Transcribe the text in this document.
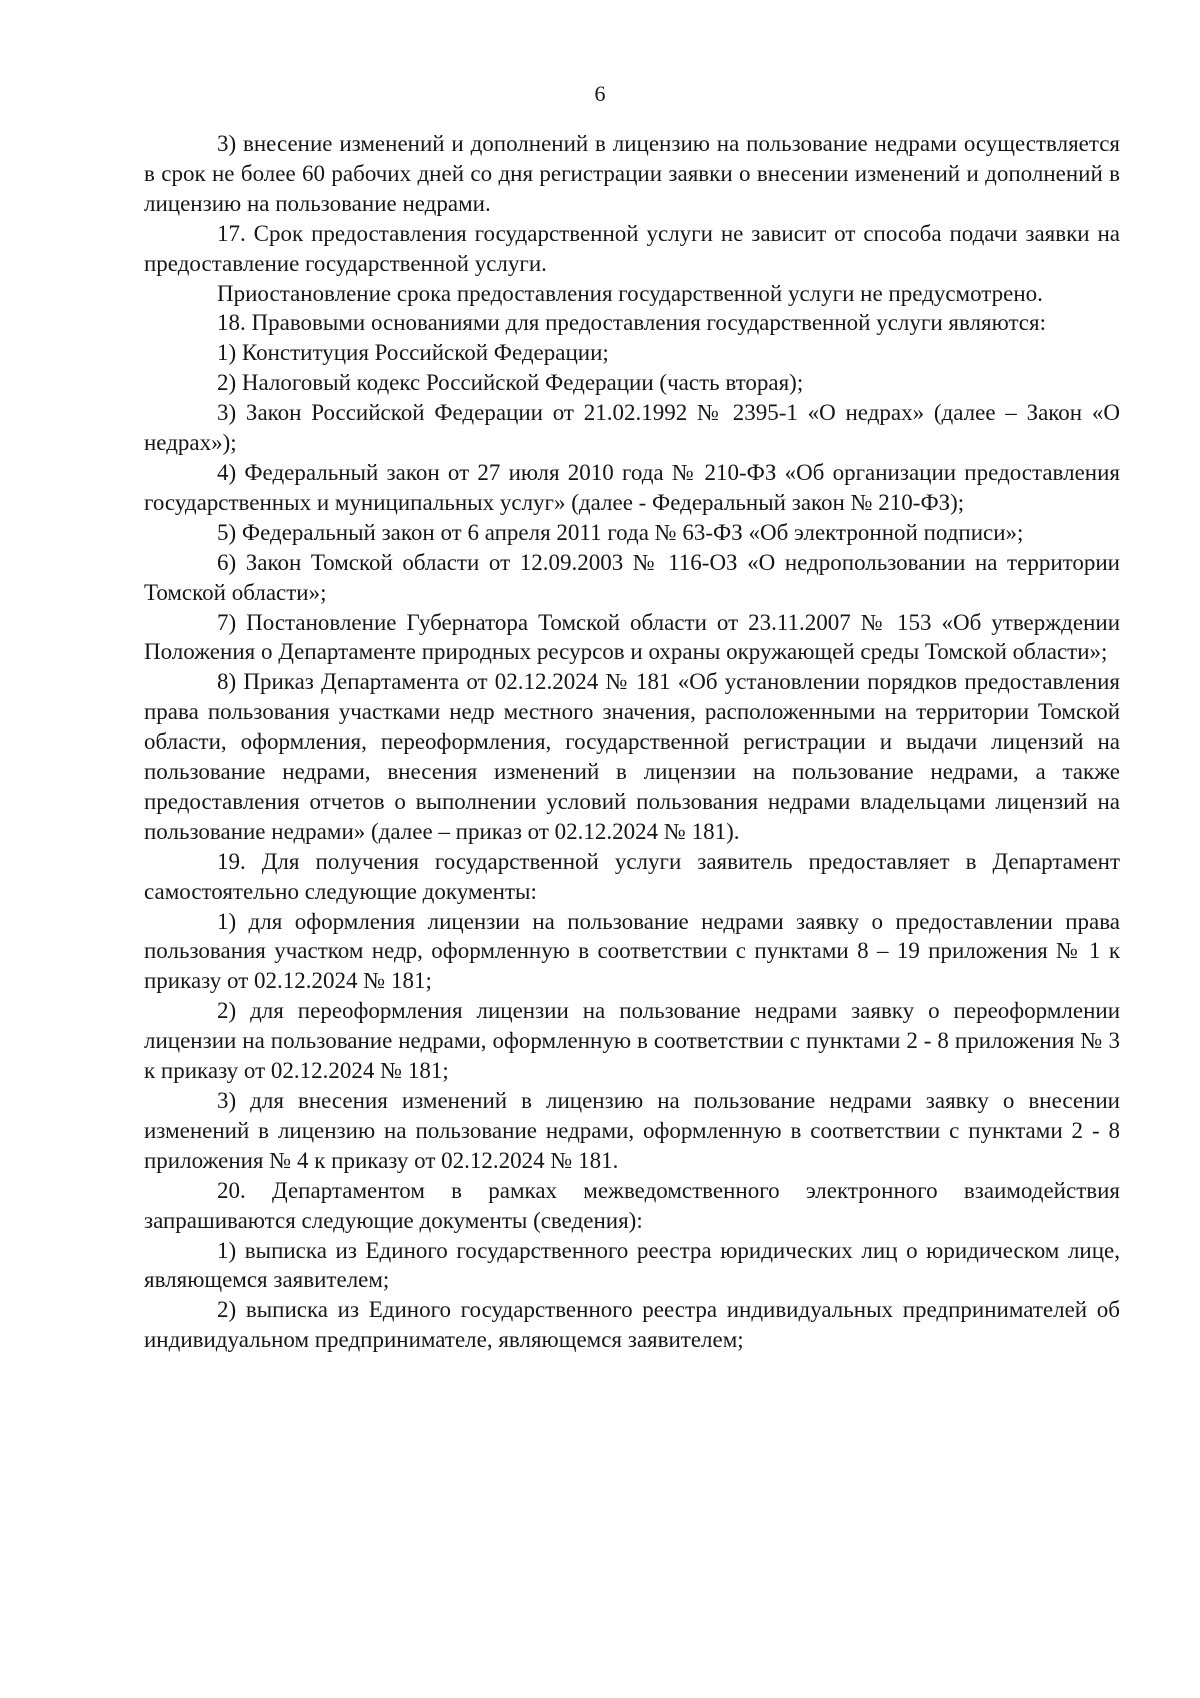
6

3) внесение изменений и дополнений в лицензию на пользование недрами осуществляется в срок не более 60 рабочих дней со дня регистрации заявки о внесении изменений и дополнений в лицензию на пользование недрами.

17. Срок предоставления государственной услуги не зависит от способа подачи заявки на предоставление государственной услуги.

Приостановление срока предоставления государственной услуги не предусмотрено.

18. Правовыми основаниями для предоставления государственной услуги являются:

1) Конституция Российской Федерации;

2) Налоговый кодекс Российской Федерации (часть вторая);

3) Закон Российской Федерации от 21.02.1992 № 2395-1 «О недрах» (далее – Закон «О недрах»);

4) Федеральный закон от 27 июля 2010 года № 210-ФЗ «Об организации предоставления государственных и муниципальных услуг» (далее - Федеральный закон № 210-ФЗ);

5) Федеральный закон от 6 апреля 2011 года № 63-ФЗ «Об электронной подписи»;

6) Закон Томской области от 12.09.2003 № 116-ОЗ «О недропользовании на территории Томской области»;

7) Постановление Губернатора Томской области от 23.11.2007 № 153 «Об утверждении Положения о Департаменте природных ресурсов и охраны окружающей среды Томской области»;

8) Приказ Департамента от 02.12.2024 № 181 «Об установлении порядков предоставления права пользования участками недр местного значения, расположенными на территории Томской области, оформления, переоформления, государственной регистрации и выдачи лицензий на пользование недрами, внесения изменений в лицензии на пользование недрами, а также предоставления отчетов о выполнении условий пользования недрами владельцами лицензий на пользование недрами» (далее – приказ от 02.12.2024 № 181).

19. Для получения государственной услуги заявитель предоставляет в Департамент самостоятельно следующие документы:

1) для оформления лицензии на пользование недрами заявку о предоставлении права пользования участком недр, оформленную в соответствии с пунктами 8 – 19 приложения № 1 к приказу от 02.12.2024 № 181;

2) для переоформления лицензии на пользование недрами заявку о переоформлении лицензии на пользование недрами, оформленную в соответствии с пунктами 2 - 8 приложения № 3 к приказу от 02.12.2024 № 181;

3) для внесения изменений в лицензию на пользование недрами заявку о внесении изменений в лицензию на пользование недрами, оформленную в соответствии с пунктами 2 - 8 приложения № 4 к приказу от 02.12.2024 № 181.

20. Департаментом в рамках межведомственного электронного взаимодействия запрашиваются следующие документы (сведения):

1) выписка из Единого государственного реестра юридических лиц о юридическом лице, являющемся заявителем;

2) выписка из Единого государственного реестра индивидуальных предпринимателей об индивидуальном предпринимателе, являющемся заявителем;
